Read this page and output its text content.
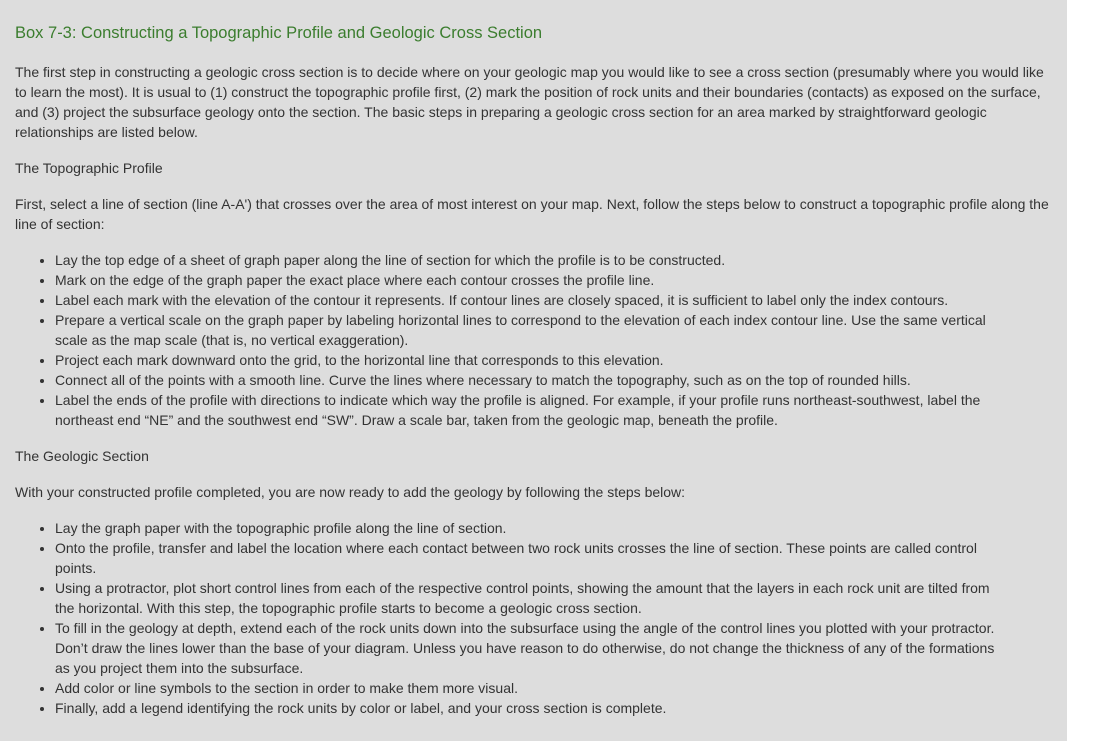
Box 7-3: Constructing a Topographic Profile and Geologic Cross Section

The first step in constructing a geologic cross section is to decide where on your geologic map you would like to see a cross section (presumably where you would like to learn the most). It is usual to (1) construct the topographic profile first, (2) mark the position of rock units and their boundaries (contacts) as exposed on the surface, and (3) project the subsurface geology onto the section. The basic steps in preparing a geologic cross section for an area marked by straightforward geologic relationships are listed below.

The Topographic Profile

First, select a line of section (line A-A') that crosses over the area of most interest on your map. Next, follow the steps below to construct a topographic profile along the line of section:

• Lay the top edge of a sheet of graph paper along the line of section for which the profile is to be constructed.
• Mark on the edge of the graph paper the exact place where each contour crosses the profile line.
• Label each mark with the elevation of the contour it represents. If contour lines are closely spaced, it is sufficient to label only the index contours.
• Prepare a vertical scale on the graph paper by labeling horizontal lines to correspond to the elevation of each index contour line. Use the same vertical scale as the map scale (that is, no vertical exaggeration).
• Project each mark downward onto the grid, to the horizontal line that corresponds to this elevation.
• Connect all of the points with a smooth line. Curve the lines where necessary to match the topography, such as on the top of rounded hills.
• Label the ends of the profile with directions to indicate which way the profile is aligned. For example, if your profile runs northeast-southwest, label the northeast end “NE” and the southwest end “SW”. Draw a scale bar, taken from the geologic map, beneath the profile.

The Geologic Section

With your constructed profile completed, you are now ready to add the geology by following the steps below:

• Lay the graph paper with the topographic profile along the line of section.
• Onto the profile, transfer and label the location where each contact between two rock units crosses the line of section. These points are called control points.
• Using a protractor, plot short control lines from each of the respective control points, showing the amount that the layers in each rock unit are tilted from the horizontal. With this step, the topographic profile starts to become a geologic cross section.
• To fill in the geology at depth, extend each of the rock units down into the subsurface using the angle of the control lines you plotted with your protractor. Don’t draw the lines lower than the base of your diagram. Unless you have reason to do otherwise, do not change the thickness of any of the formations as you project them into the subsurface.
• Add color or line symbols to the section in order to make them more visual.
• Finally, add a legend identifying the rock units by color or label, and your cross section is complete.
